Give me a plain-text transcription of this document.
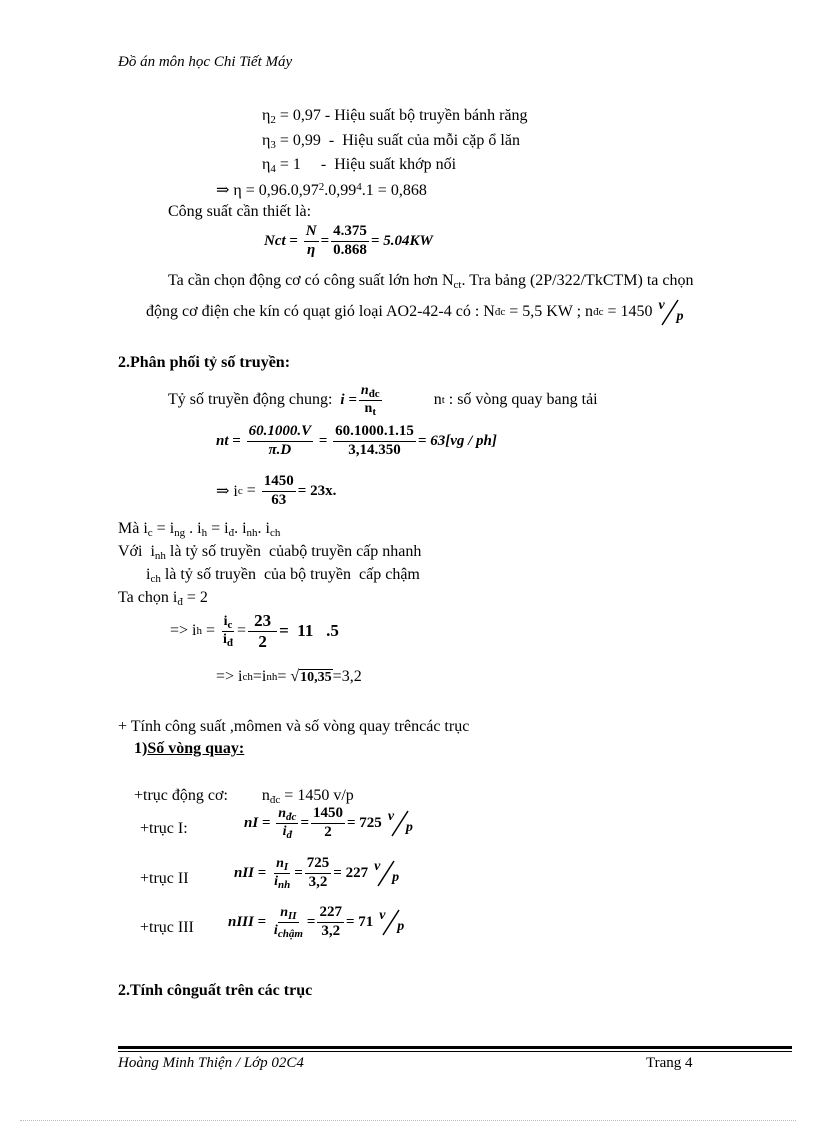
Đồ án môn học Chi Tiết Máy
$\eta_2 = 0,97$ - Hiệu suất bộ truyền bánh răng
$\eta_3 = 0,99$  -  Hiệu suất của mỗi cặp ổ lăn
$\eta_4 = 1$     -  Hiệu suất khớp nối
⇒ $\eta = 0,96.0,97^2.0,99^4.1 = 0,868$
Công suất cần thiết là:
N ct = $\frac{N}{\eta} = \frac{4.375}{0.868} = 5.04KW$
Ta cần chọn động cơ có công suất lớn hơn $N_{ct}$. Tra bảng (2P/322/TkCTM) ta chọn
động cơ điện che kín có quạt gió loại AO2-42-4 có : N đc = 5,5 KW ; n đc = 1450 v
p
2.Phân phối tỷ số truyền:
Tỷ số truyền động chung:
$i = \frac{n_{đc}}{n_t}$	n t : số vòng quay bang tải
n $t = \frac{60.1000.V}{\pi.D} = \frac{60.1000.1.15}{3,14.350} = 63[vg / ph]$
⇒ i $c = \frac{1450}{63} = 23x$.
Mà $i_c = i_{ng}$ . $i_h = i_đ$. $i_{nh}$. $i_{ch}$
Với  $i_{nh}$ là tỷ số truyền  củabộ truyền cấp nhanh
$i_{ch}$ là tỷ số truyền  của bộ truyền  cấp chậm
Ta chọn $i_đ = 2$
=> i $h = \frac{i_c}{i_đ} = \frac{23}{2} = 11$   .5
=> i ch =i nh = √ 10,35 =3,2
+ Tính công suất ,mômen và số vòng quay trêncác trục
1)Số vòng quay:
+trục động cơ: $n_{đc} = 1450$ v/p
+trục I:	n $I = \frac{n_{đc}}{i_đ} = \frac{1450}{2} = 725$ v
p
+trục II	n II = $\frac{n_I}{i_{nh}} = \frac{725}{3,2} = 227$ v
p
+trục III n III = $\frac{n_{II}}{i_{chậm}} = \frac{227}{3,2} = 71$ v
p
2.Tính cônguất trên các trục
Hoàng Minh Thiện / Lớp 02C4	Trang 4
